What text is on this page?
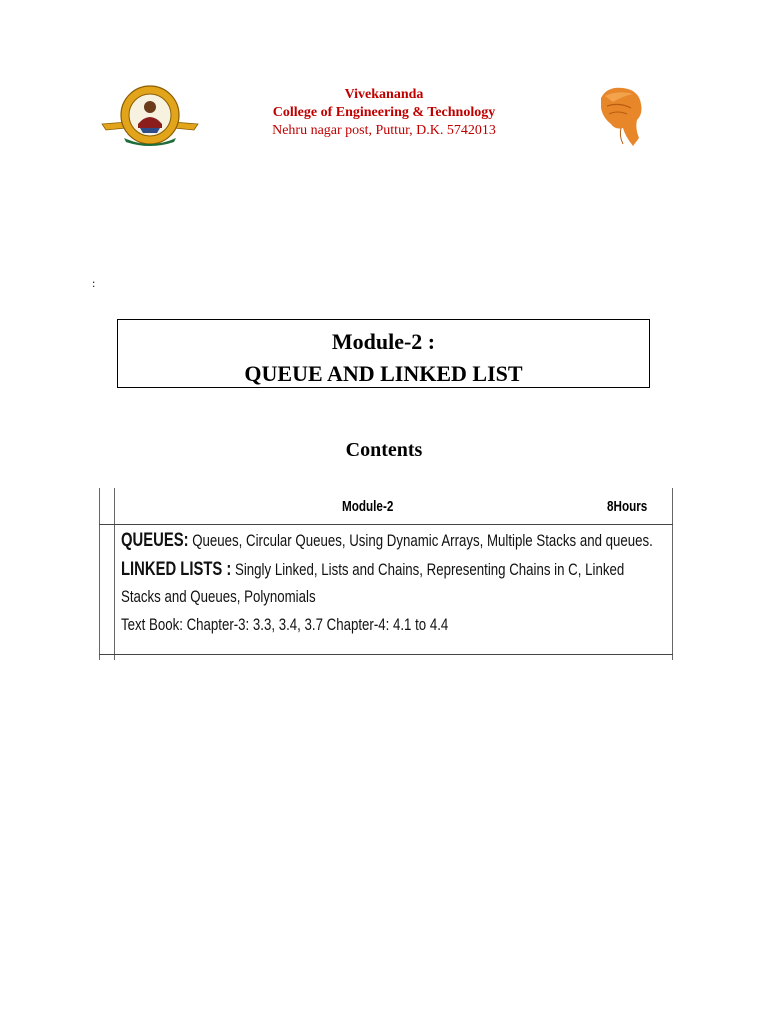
Vivekananda
College of Engineering & Technology
Nehru nagar post, Puttur, D.K. 5742013
:
Module-2 :
QUEUE AND LINKED LIST
Contents
Module-2	8Hours
QUEUES: Queues, Circular Queues, Using Dynamic Arrays, Multiple Stacks and queues.
LINKED LISTS : Singly Linked, Lists and Chains, Representing Chains in C, Linked
Stacks and Queues, Polynomials
Text Book: Chapter-3: 3.3, 3.4, 3.7 Chapter-4: 4.1 to 4.4
